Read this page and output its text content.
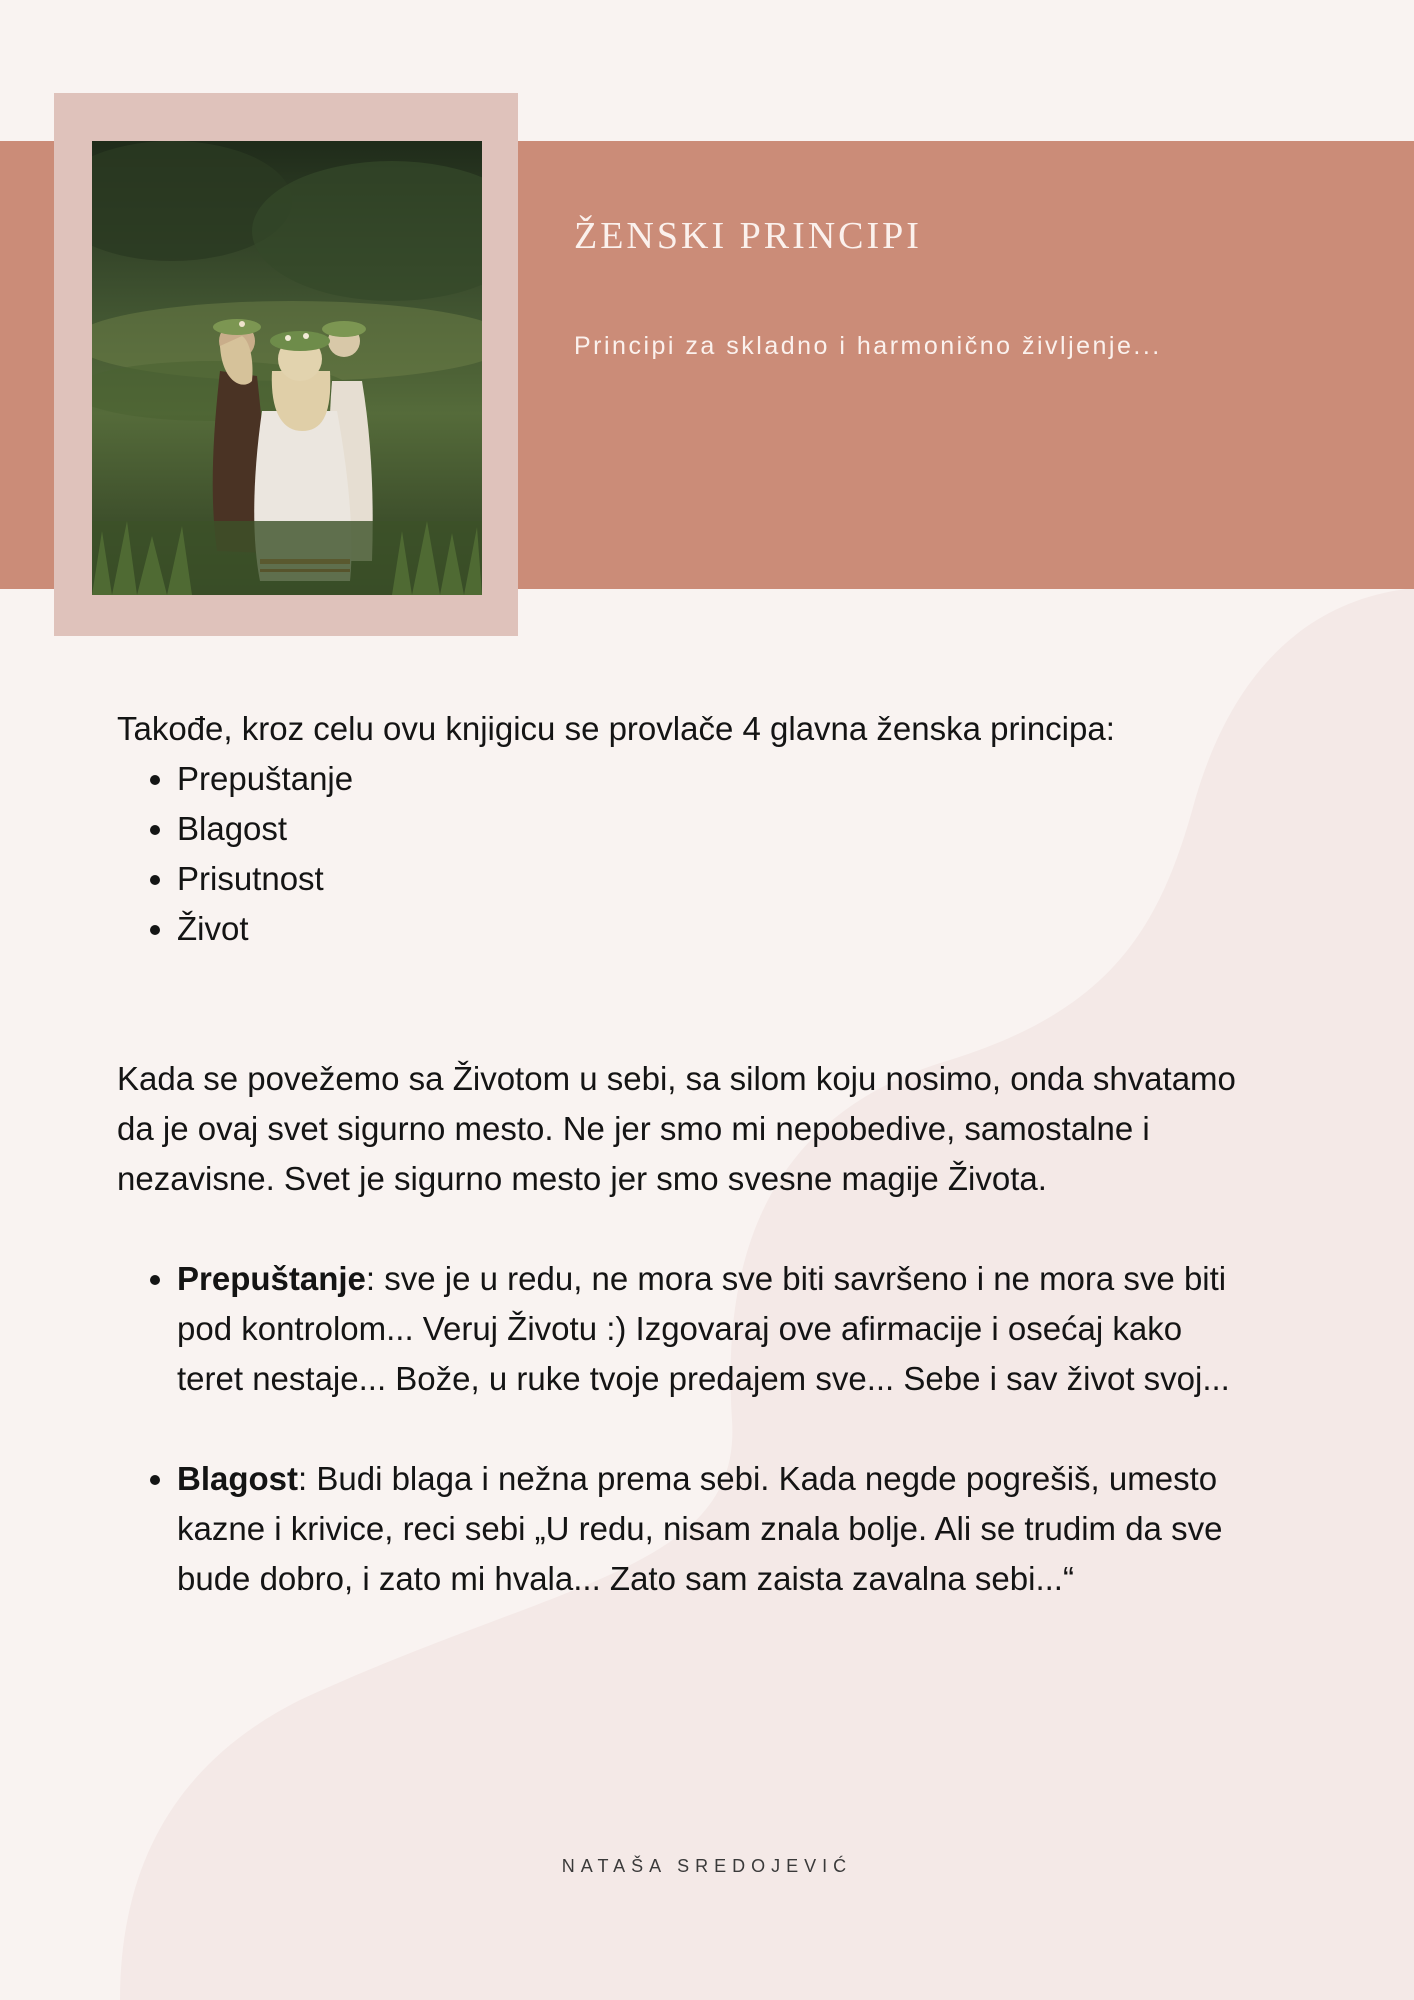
ŽENSKI PRINCIPI

Principi za skladno i harmonično življenje...

Takođe, kroz celu ovu knjigicu se provlače 4 glavna ženska principa:

• Prepuštanje
• Blagost
• Prisutnost
• Život

Kada se povežemo sa Životom u sebi, sa silom koju nosimo, onda shvatamo da je ovaj svet sigurno mesto. Ne jer smo mi nepobedive, samostalne i nezavisne. Svet je sigurno mesto jer smo svesne magije Života.

• Prepuštanje: sve je u redu, ne mora sve biti savršeno i ne mora sve biti pod kontrolom... Veruj Životu :) Izgovaraj ove afirmacije i osećaj kako teret nestaje... Bože, u ruke tvoje predajem sve... Sebe i sav život svoj...
• Blagost: Budi blaga i nežna prema sebi. Kada negde pogrešiš, umesto kazne i krivice, reci sebi „U redu, nisam znala bolje. Ali se trudim da sve bude dobro, i zato mi hvala... Zato sam zaista zavalna sebi...“
NATAŠA SREDOJEVIĆ
